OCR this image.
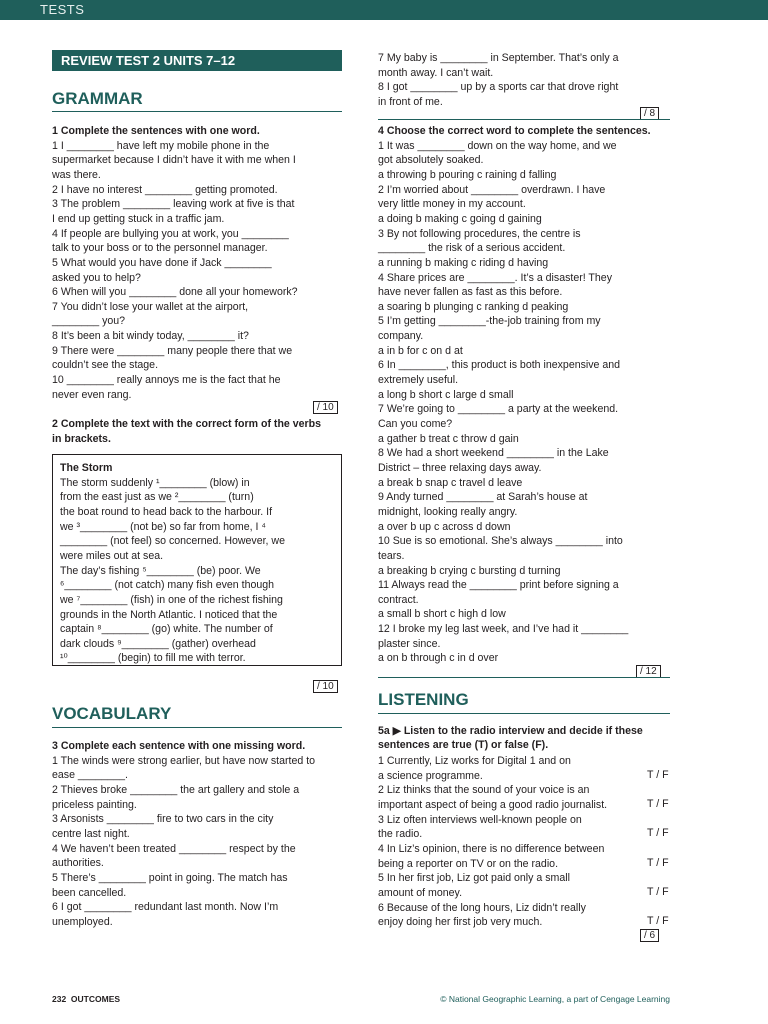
TESTS
REVIEW TEST 2 UNITS 7–12
GRAMMAR
1 Complete the sentences with one word.
1 I ________ have left my mobile phone in the
supermarket because I didn’t have it with me when I
was there.
2 I have no interest ________ getting promoted.
3 The problem ________ leaving work at five is that
I end up getting stuck in a traffic jam.
4 If people are bullying you at work, you ________
talk to your boss or to the personnel manager.
5 What would you have done if Jack ________
asked you to help?
6 When will you ________ done all your homework?
7 You didn’t lose your wallet at the airport,
________ you?
8 It’s been a bit windy today, ________ it?
9 There were ________ many people there that we
couldn’t see the stage.
10 ________ really annoys me is the fact that he
never even rang.
/ 10
2 Complete the text with the correct form of the verbs
in brackets.
The Storm
The storm suddenly ¹________ (blow) in
from the east just as we ²________ (turn)
the boat round to head back to the harbour. If
we ³________ (not be) so far from home, I ⁴
________ (not feel) so concerned. However, we
were miles out at sea.
The day’s fishing ⁵________ (be) poor. We
⁶________ (not catch) many fish even though
we ⁷________ (fish) in one of the richest fishing
grounds in the North Atlantic. I noticed that the
captain ⁸________ (go) white. The number of
dark clouds ⁹________ (gather) overhead
¹⁰________ (begin) to fill me with terror.
/ 10
VOCABULARY
3 Complete each sentence with one missing word.
1 The winds were strong earlier, but have now started to
ease ________.
2 Thieves broke ________ the art gallery and stole a
priceless painting.
3 Arsonists ________ fire to two cars in the city
centre last night.
4 We haven’t been treated ________ respect by the
authorities.
5 There’s ________ point in going. The match has
been cancelled.
6 I got ________ redundant last month. Now I’m
unemployed.
7 My baby is ________ in September. That’s only a
month away. I can’t wait.
8 I got ________ up by a sports car that drove right
in front of me.
/ 8
4 Choose the correct word to complete the sentences.
1 It was ________ down on the way home, and we
got absolutely soaked.
a throwing b pouring c raining d falling
2 I’m worried about ________ overdrawn. I have
very little money in my account.
a doing b making c going d gaining
3 By not following procedures, the centre is
________ the risk of a serious accident.
a running b making c riding d having
4 Share prices are ________. It’s a disaster! They
have never fallen as fast as this before.
a soaring b plunging c ranking d peaking
5 I’m getting ________-the-job training from my
company.
a in b for c on d at
6 In ________, this product is both inexpensive and
extremely useful.
a long b short c large d small
7 We’re going to ________ a party at the weekend.
Can you come?
a gather b treat c throw d gain
8 We had a short weekend ________ in the Lake
District – three relaxing days away.
a break b snap c travel d leave
9 Andy turned ________ at Sarah’s house at
midnight, looking really angry.
a over b up c across d down
10 Sue is so emotional. She’s always ________ into
tears.
a breaking b crying c bursting d turning
11 Always read the ________ print before signing a
contract.
a small b short c high d low
12 I broke my leg last week, and I’ve had it ________
plaster since.
a on b through c in d over
/ 12
LISTENING
5a ▶ Listen to the radio interview and decide if these
sentences are true (T) or false (F).
1 Currently, Liz works for Digital 1 and on
a science programme.	T / F
2 Liz thinks that the sound of your voice is an
important aspect of being a good radio journalist.	T / F
3 Liz often interviews well-known people on
the radio.	T / F
4 In Liz’s opinion, there is no difference between
being a reporter on TV or on the radio.	T / F
5 In her first job, Liz got paid only a small
amount of money.	T / F
6 Because of the long hours, Liz didn’t really
enjoy doing her first job very much.	T / F
/ 6
232 OUTCOMES	© National Geographic Learning, a part of Cengage Learning
